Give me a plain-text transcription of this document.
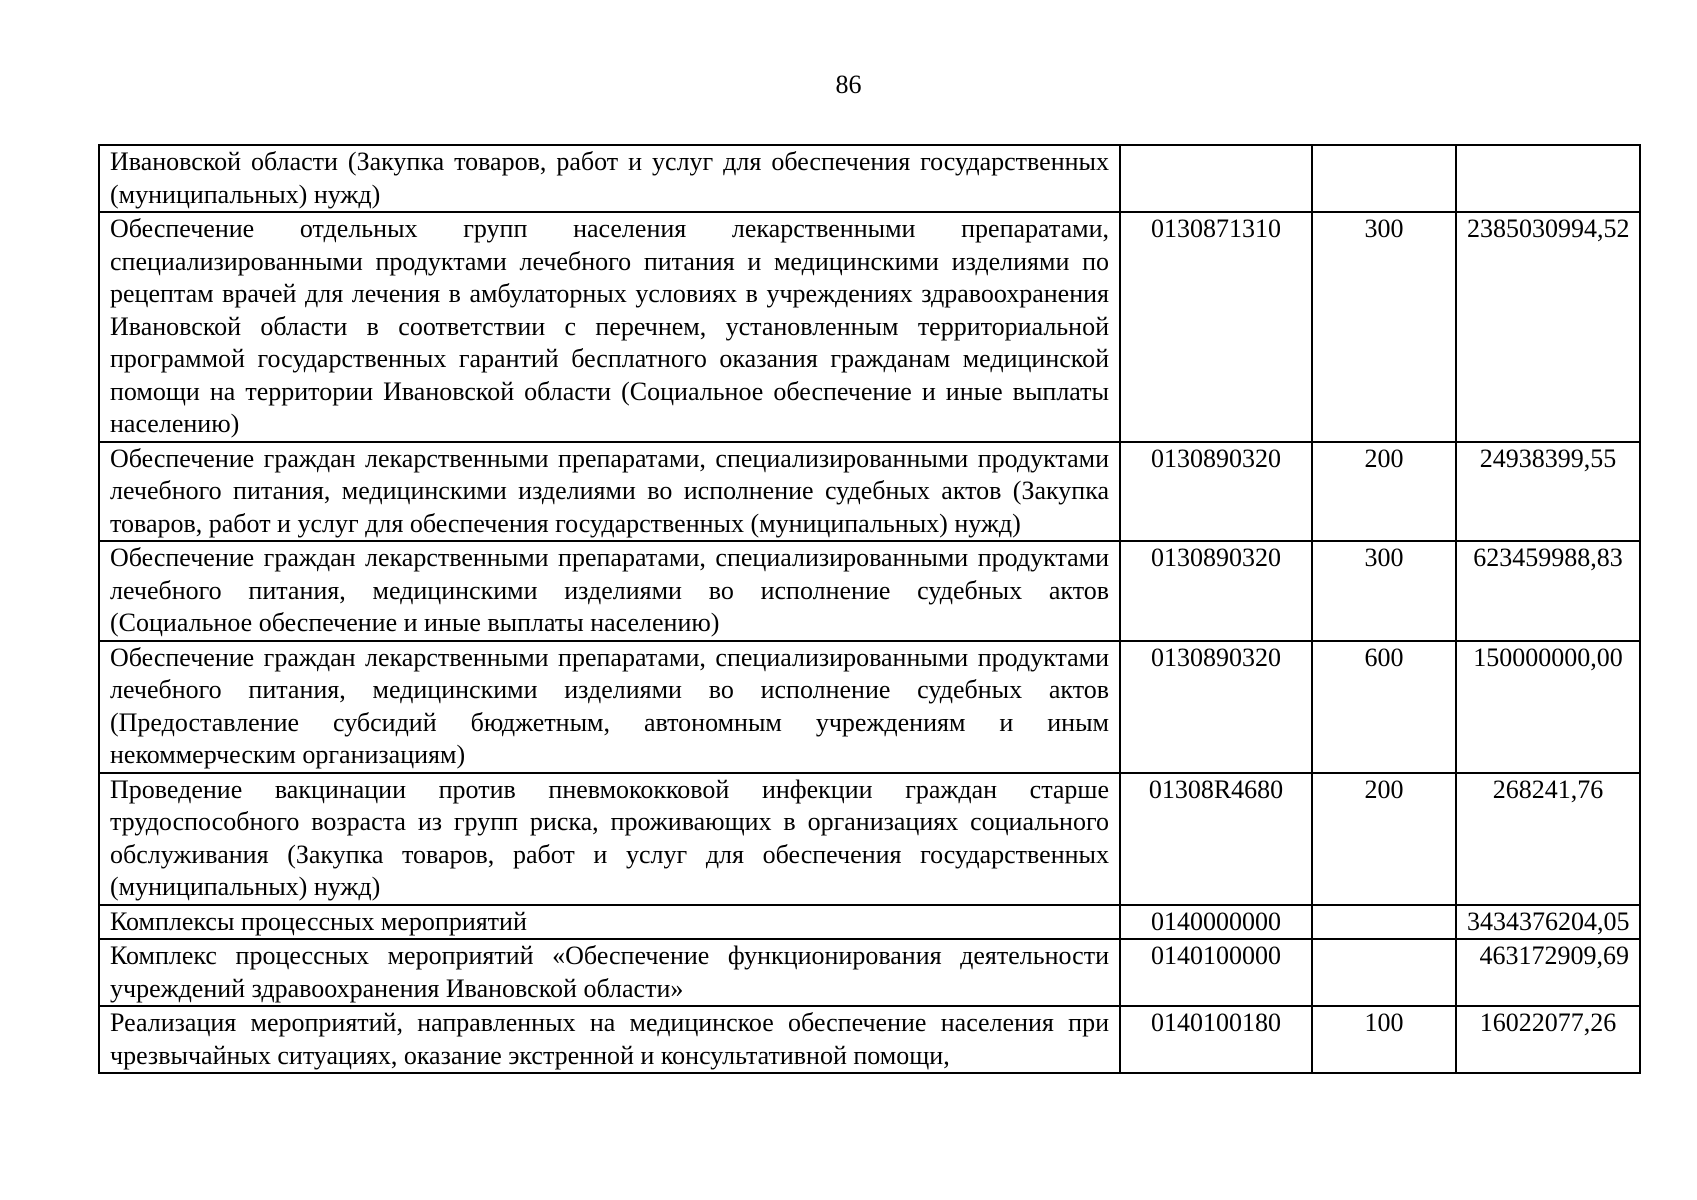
86
Ивановской области (Закупка товаров, работ и услуг для обеспечения государственных (муниципальных) нужд)			
Обеспечение отдельных групп населения лекарственными препаратами, специализированными продуктами лечебного питания и медицинскими изделиями по рецептам врачей для лечения в амбулаторных условиях в учреждениях здравоохранения Ивановской области в соответствии с перечнем, установленным территориальной программой государственных гарантий бесплатного оказания гражданам медицинской помощи на территории Ивановской области (Социальное обеспечение и иные выплаты населению)	0130871310	300	2385030994,52
Обеспечение граждан лекарственными препаратами, специализированными продуктами лечебного питания, медицинскими изделиями во исполнение судебных актов (Закупка товаров, работ и услуг для обеспечения государственных (муниципальных) нужд)	0130890320	200	24938399,55
Обеспечение граждан лекарственными препаратами, специализированными продуктами лечебного питания, медицинскими изделиями во исполнение судебных актов (Социальное обеспечение и иные выплаты населению)	0130890320	300	623459988,83
Обеспечение граждан лекарственными препаратами, специализированными продуктами лечебного питания, медицинскими изделиями во исполнение судебных актов (Предоставление субсидий бюджетным, автономным учреждениям и иным некоммерческим организациям)	0130890320	600	150000000,00
Проведение вакцинации против пневмококковой инфекции граждан старше трудоспособного возраста из групп риска, проживающих в организациях социального обслуживания (Закупка товаров, работ и услуг для обеспечения государственных (муниципальных) нужд)	01308R4680	200	268241,76
Комплексы процессных мероприятий	0140000000		3434376204,05
Комплекс процессных мероприятий «Обеспечение функционирования деятельности учреждений здравоохранения Ивановской области»	0140100000		463172909,69
Реализация мероприятий, направленных на медицинское обеспечение населения при чрезвычайных ситуациях, оказание экстренной и консультативной помощи,	0140100180	100	16022077,26
